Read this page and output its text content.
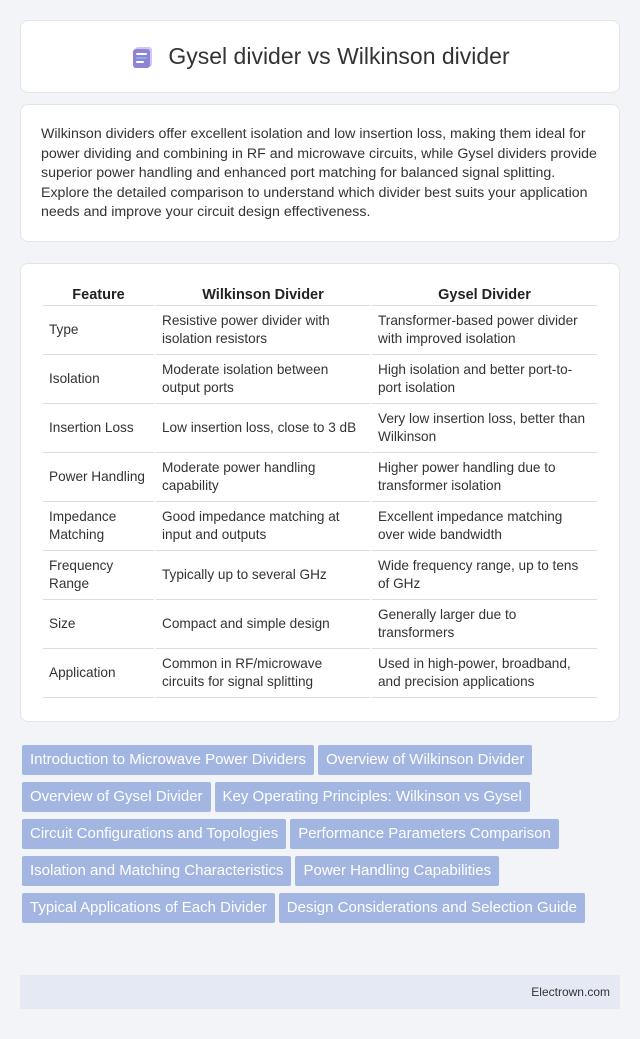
Gysel divider vs Wilkinson divider

Wilkinson dividers offer excellent isolation and low insertion loss, making them ideal for power dividing and combining in RF and microwave circuits, while Gysel dividers provide superior power handling and enhanced port matching for balanced signal splitting. Explore the detailed comparison to understand which divider best suits your application needs and improve your circuit design effectiveness.

Feature	Wilkinson Divider	Gysel Divider
Type	Resistive power divider with isolation resistors	Transformer-based power divider with improved isolation
Isolation	Moderate isolation between output ports	High isolation and better port-to-port isolation
Insertion Loss	Low insertion loss, close to 3 dB	Very low insertion loss, better than Wilkinson
Power Handling	Moderate power handling capability	Higher power handling due to transformer isolation
Impedance Matching	Good impedance matching at input and outputs	Excellent impedance matching over wide bandwidth
Frequency Range	Typically up to several GHz	Wide frequency range, up to tens of GHz
Size	Compact and simple design	Generally larger due to transformers
Application	Common in RF/microwave circuits for signal splitting	Used in high-power, broadband, and precision applications
Introduction to Microwave Power Dividers Overview of Wilkinson DividerOverview of Gysel Divider Key Operating Principles: Wilkinson vs GyselCircuit Configurations and Topologies Performance Parameters ComparisonIsolation and Matching Characteristics Power Handling CapabilitiesTypical Applications of Each Divider Design Considerations and Selection Guide
Electrown.com
